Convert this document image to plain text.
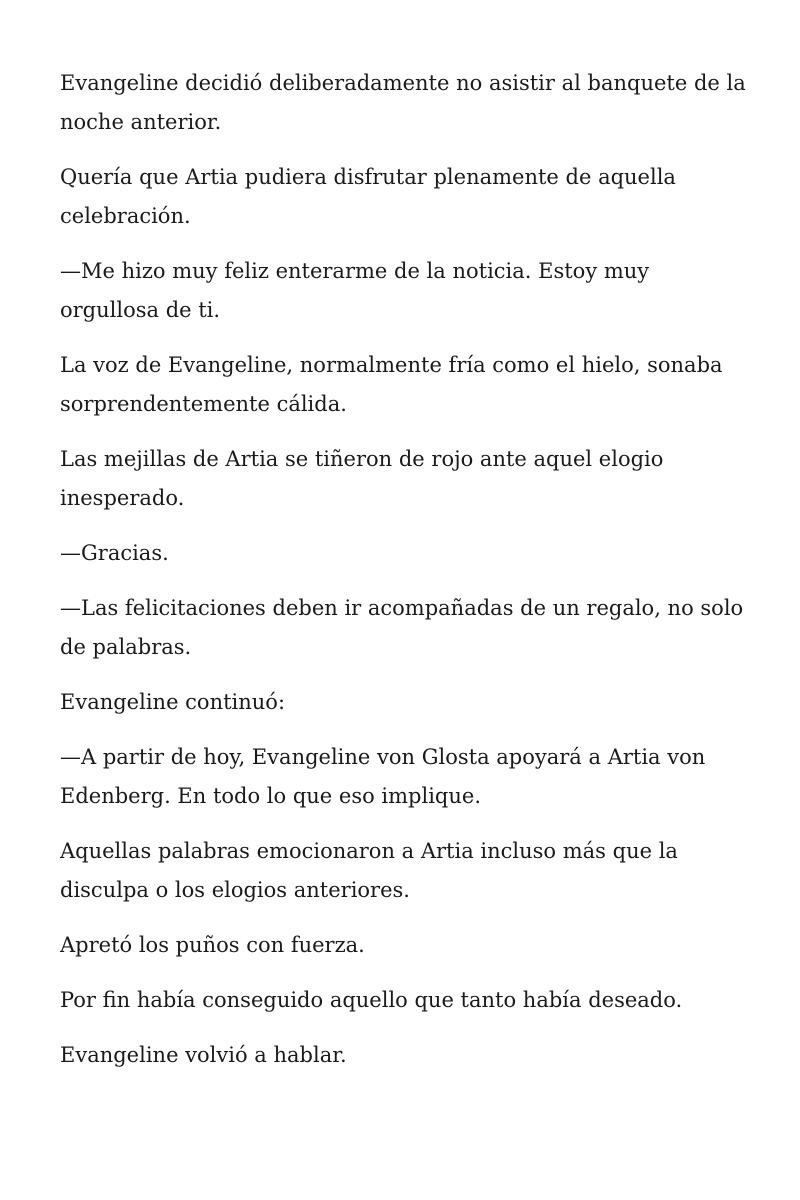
Evangeline decidió deliberadamente no asistir al banquete de la noche anterior.

Quería que Artia pudiera disfrutar plenamente de aquella celebración.

—Me hizo muy feliz enterarme de la noticia. Estoy muy orgullosa de ti.

La voz de Evangeline, normalmente fría como el hielo, sonaba sorprendentemente cálida.

Las mejillas de Artia se tiñeron de rojo ante aquel elogio inesperado.

—Gracias.

—Las felicitaciones deben ir acompañadas de un regalo, no solo de palabras.

Evangeline continuó:

—A partir de hoy, Evangeline von Glosta apoyará a Artia von Edenberg. En todo lo que eso implique.

Aquellas palabras emocionaron a Artia incluso más que la disculpa o los elogios anteriores.

Apretó los puños con fuerza.

Por fin había conseguido aquello que tanto había deseado.

Evangeline volvió a hablar.
